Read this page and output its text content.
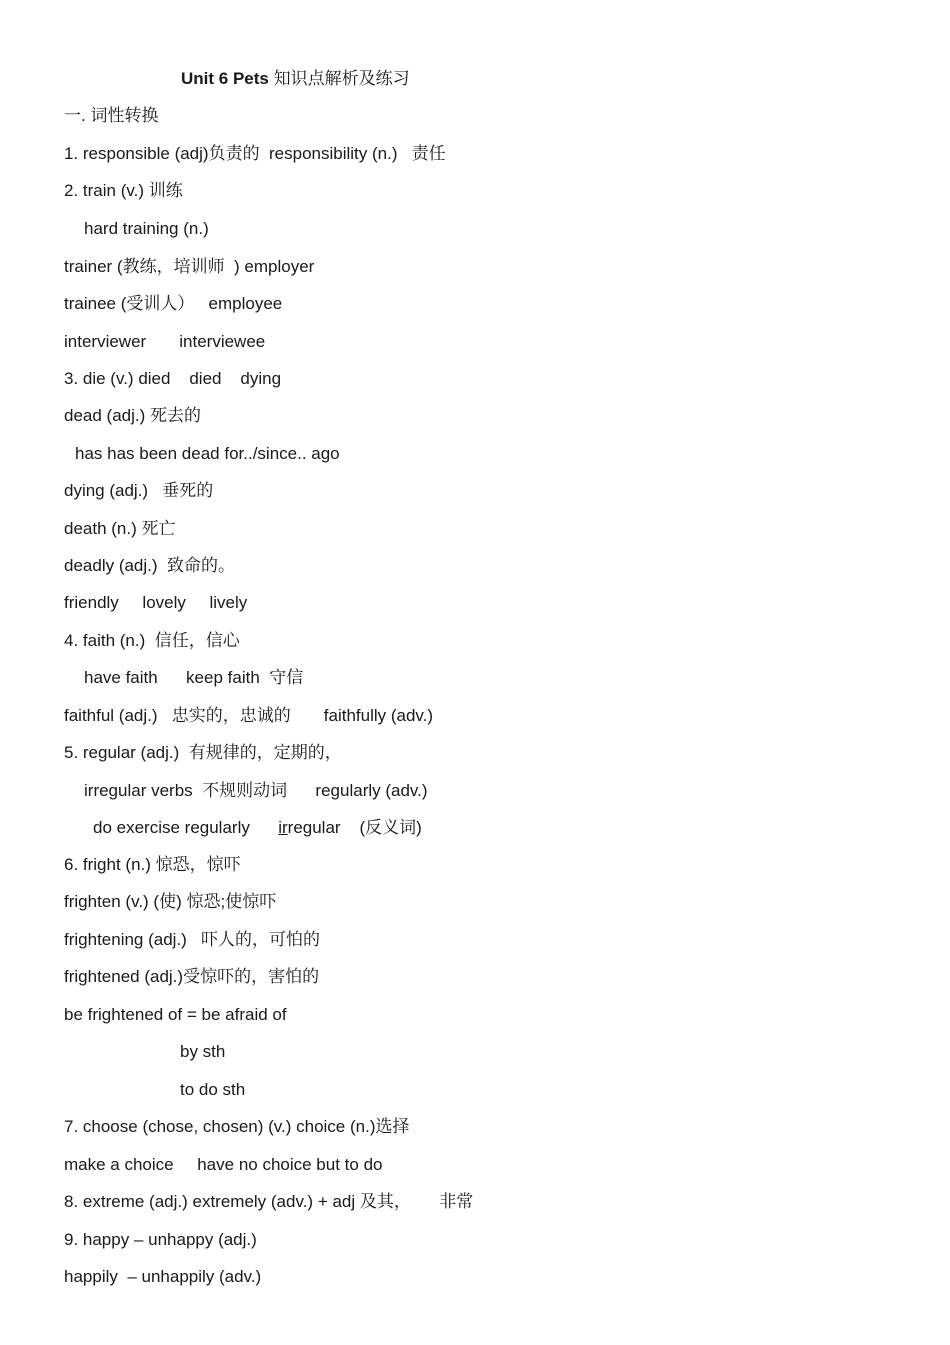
Unit 6 Pets 知识点解析及练习
一. 词性转换
1. responsible (adj)负责的  responsibility (n.)   责任
2. train (v.) 训练
hard training (n.)
trainer (教练，培训师  ) employer
trainee (受训人）   employee
interviewer       interviewee
3. die (v.) died    died    dying
dead (adj.) 死去的
has has been dead for../since.. ago
dying (adj.)   垂死的
death (n.) 死亡
deadly (adj.)  致命的。
friendly     lovely     lively
4. faith (n.)  信任，信心
have faith      keep faith  守信
faithful (adj.)   忠实的，忠诚的       faithfully (adv.)
5. regular (adj.)  有规律的，定期的，
irregular verbs  不规则动词      regularly (adv.)
do exercise regularly irregular (反义词)
6. fright (n.) 惊恐，惊吓
frighten (v.) (使) 惊恐;使惊吓
frightening (adj.)   吓人的，可怕的
frightened (adj.)受惊吓的，害怕的
be frightened of = be afraid of
by sth
to do sth
7. choose (chose, chosen) (v.) choice (n.)选择
make a choice     have no choice but to do
8. extreme (adj.) extremely (adv.) + adj 及其，      非常
9. happy – unhappy (adj.)
happily  – unhappily (adv.)
